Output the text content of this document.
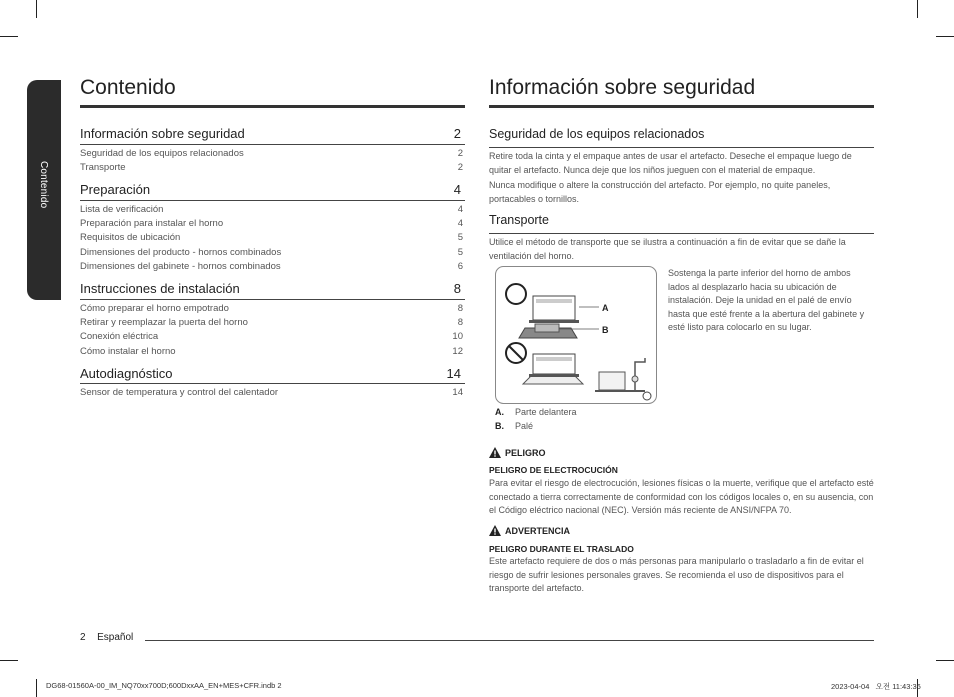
Contenido
Contenido
Información sobre seguridad	2
Seguridad de los equipos relacionados	2
Transporte	2
Preparación	4
Lista de verificación	4
Preparación para instalar el horno	4
Requisitos de ubicación	5
Dimensiones del producto - hornos combinados	5
Dimensiones del gabinete - hornos combinados	6
Instrucciones de instalación	8
Cómo preparar el horno empotrado	8
Retirar y reemplazar la puerta del horno	8
Conexión eléctrica	10
Cómo instalar el horno	12
Autodiagnóstico	14
Sensor de temperatura y control del calentador	14
Información sobre seguridad
Seguridad de los equipos relacionados
Retire toda la cinta y el empaque antes de usar el artefacto. Deseche el empaque luego de quitar el artefacto. Nunca deje que los niños jueguen con el material de empaque.
Nunca modifique o altere la construcción del artefacto. Por ejemplo, no quite paneles, portacables o tornillos.
Transporte
Utilice el método de transporte que se ilustra a continuación a fin de evitar que se dañe la ventilación del horno.
A
B
Sostenga la parte inferior del horno de ambos lados al desplazarlo hacia su ubicación de instalación. Deje la unidad en el palé de envío hasta que esté frente a la abertura del gabinete y esté listo para colocarlo en su lugar.
A. Parte delantera
B. Palé
PELIGRO
PELIGRO DE ELECTROCUCIÓN
Para evitar el riesgo de electrocución, lesiones físicas o la muerte, verifique que el artefacto esté conectado a tierra correctamente de conformidad con los códigos locales o, en su ausencia, con el Código eléctrico nacional (NEC). Versión más reciente de ANSI/NFPA 70.
ADVERTENCIA
PELIGRO DURANTE EL TRASLADO
Este artefacto requiere de dos o más personas para manipularlo o trasladarlo a fin de evitar el riesgo de sufrir lesiones personales graves. Se recomienda el uso de dispositivos para el transporte del artefacto.
2 Español
DG68-01560A-00_IM_NQ70xx700D;600DxxAA_EN+MES+CFR.indb 2	2023-04-04   오전 11:43:36
